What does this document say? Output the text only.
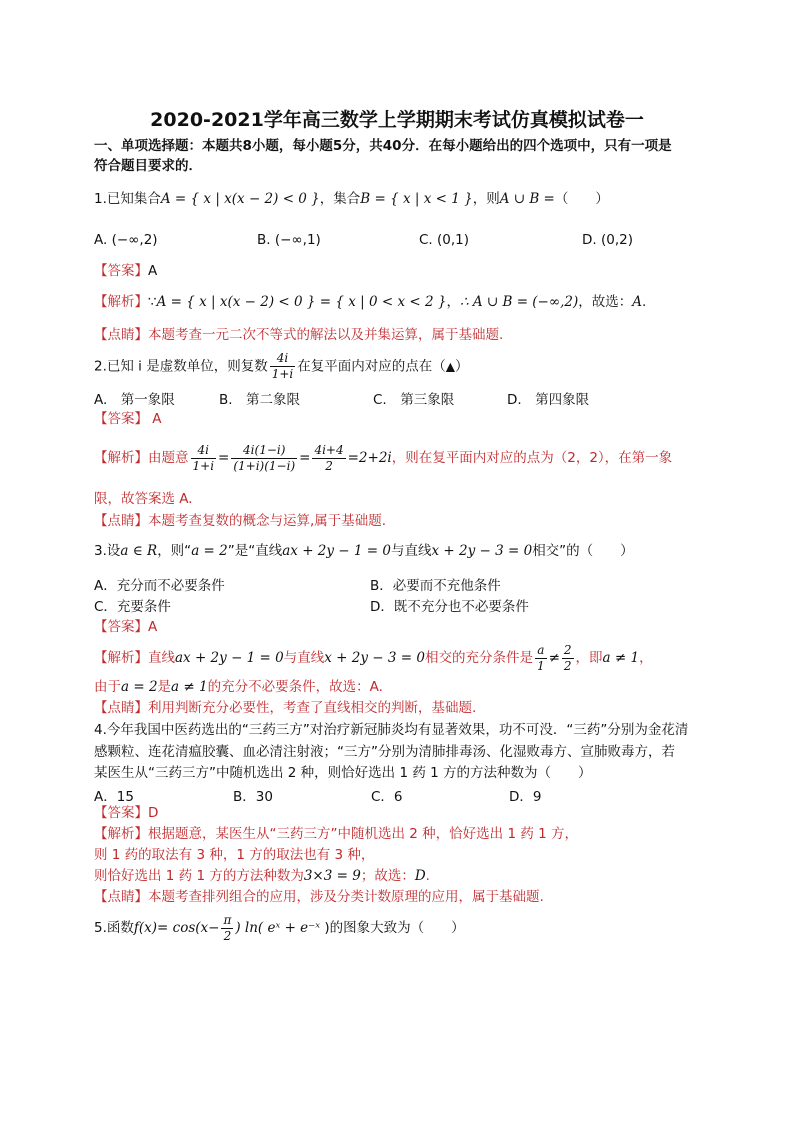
2020-2021学年高三数学上学期期末考试仿真模拟试卷一
一、单项选择题：本题共8小题，每小题5分，共40分．在每小题给出的四个选项中，只有一项是
符合题目要求的．
1.已知集合A = { x | x(x − 2) < 0 }，集合B = { x | x < 1 }，则A ∪ B =（　　）
A. (−∞,2)	B. (−∞,1)	C. (0,1)	D. (0,2)
【答案】A
【解析】∵A = { x | x(x − 2) < 0 } = { x | 0 < x < 2 }，∴ A ∪ B = (−∞,2)，故选：A.
【点睛】本题考查一元二次不等式的解法以及并集运算，属于基础题.
2.已知 i 是虚数单位，则复数 $\frac{4i}{1+i}$ 在复平面内对应的点在（▲）
A.　第一象限	B.　第二象限	C.　第三象限	D.　第四象限
【答案】 A
【解析】由题意 $\frac{4i}{1+i} = \frac{4i(1-i)}{(1+i)(1-i)} = \frac{4i+4}{2} =2+2i$，则在复平面内对应的点为（2，2），在第一象
限，故答案选 A.
【点睛】本题考查复数的概念与运算,属于基础题.
3.设a ∈ R，则“a = 2”是“直线ax + 2y − 1 = 0与直线x + 2y − 3 = 0相交”的（　　）
A．充分而不必要条件	B．必要而不充他条件
C．充要条件	D．既不充分也不必要条件
【答案】A
【解析】直线ax + 2y − 1 = 0与直线x + 2y − 3 = 0相交的充分条件是 $\frac{a}{1} \ne \frac{2}{2}$ ，即a ≠ 1，
由于a = 2是a ≠ 1的充分不必要条件，故选：A.
【点睛】利用判断充分必要性，考查了直线相交的判断，基础题.
4.今年我国中医药选出的“三药三方”对治疗新冠肺炎均有显著效果，功不可没．“三药”分别为金花清
感颗粒、连花清瘟胶囊、血必清注射液；“三方”分别为清肺排毒汤、化湿败毒方、宣肺败毒方，若
某医生从“三药三方”中随机选出 2 种，则恰好选出 1 药 1 方的方法种数为（　　）
A．15	B．30	C．6	D．9
【答案】D
【解析】根据题意，某医生从“三药三方”中随机选出 2 种，恰好选出 1 药 1 方，
则 1 药的取法有 3 种，1 方的取法也有 3 种，
则恰好选出 1 药 1 方的方法种数为3×3 = 9；故选：D.
【点睛】本题考查排列组合的应用，涉及分类计数原理的应用，属于基础题.
5.函数$f(x)= \cos(x- \frac{\pi}{2}$ ) ln( eˣ + e⁻ˣ )的图象大致为（　　）
